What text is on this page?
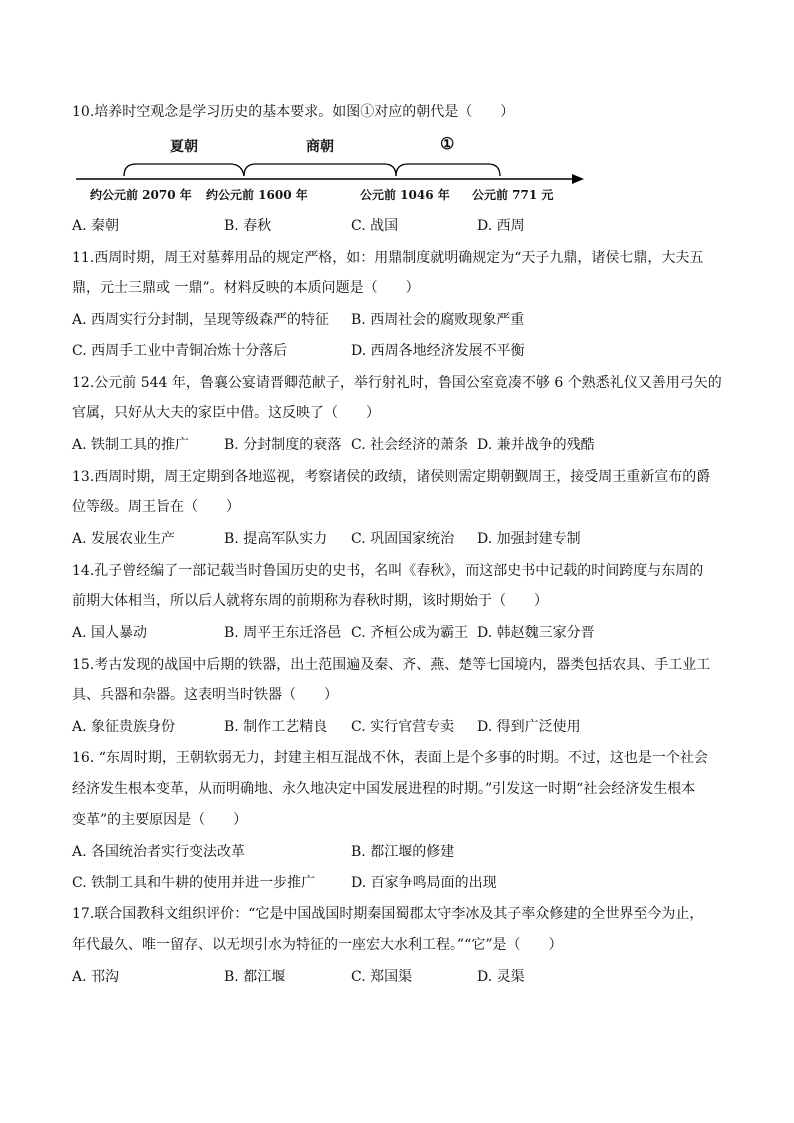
10.培养时空观念是学习历史的基本要求。如图①对应的朝代是（　　）
夏朝	商朝	①
约公元前 2070 年 约公元前 1600 年	公元前 1046 年 公元前 771 元
A. 秦朝	B. 春秋	C. 战国	D. 西周
11.西周时期，周王对墓葬用品的规定严格，如：用鼎制度就明确规定为“天子九鼎，诸侯七鼎，大夫五
鼎，元士三鼎或 一鼎”。材料反映的本质问题是（　　）
A. 西周实行分封制，呈现等级森严的特征 B. 西周社会的腐败现象严重
C. 西周手工业中青铜冶炼十分落后	D. 西周各地经济发展不平衡
12.公元前 544 年，鲁襄公宴请晋卿范献子，举行射礼时，鲁国公室竟凑不够 6 个熟悉礼仪又善用弓矢的
官属，只好从大夫的家臣中借。这反映了（　　）
A. 铁制工具的推广 B. 分封制度的衰落 C. 社会经济的萧条 D. 兼并战争的残酷
13.西周时期，周王定期到各地巡视，考察诸侯的政绩，诸侯则需定期朝觐周王，接受周王重新宣布的爵
位等级。周王旨在（　　）
A. 发展农业生产	B. 提高军队实力 C. 巩固国家统治 D. 加强封建专制
14.孔子曾经编了一部记载当时鲁国历史的史书，名叫《春秋》，而这部史书中记载的时间跨度与东周的
前期大体相当，所以后人就将东周的前期称为春秋时期，该时期始于（　　）
A. 国人暴动	B. 周平王东迁洛邑 C. 齐桓公成为霸王 D. 韩赵魏三家分晋
15.考古发现的战国中后期的铁器，出土范围遍及秦、齐、燕、楚等七国境内，器类包括农具、手工业工
具、兵器和杂器。这表明当时铁器（　　）
A. 象征贵族身份	B. 制作工艺精良 C. 实行官营专卖 D. 得到广泛使用
16. “东周时期，王朝软弱无力，封建主相互混战不休，表面上是个多事的时期。不过，这也是一个社会
经济发生根本变革，从而明确地、永久地决定中国发展进程的时期。”引发这一时期“社会经济发生根本
变革”的主要原因是（　　）
A. 各国统治者实行变法改革	B. 都江堰的修建
C. 铁制工具和牛耕的使用并进一步推广	D. 百家争鸣局面的出现
17.联合国教科文组织评价：“它是中国战国时期秦国蜀郡太守李冰及其子率众修建的全世界至今为止，
年代最久、唯一留存、以无坝引水为特征的一座宏大水利工程。”“它”是（　　）
A. 邗沟	B. 都江堰	C. 郑国渠	D. 灵渠
